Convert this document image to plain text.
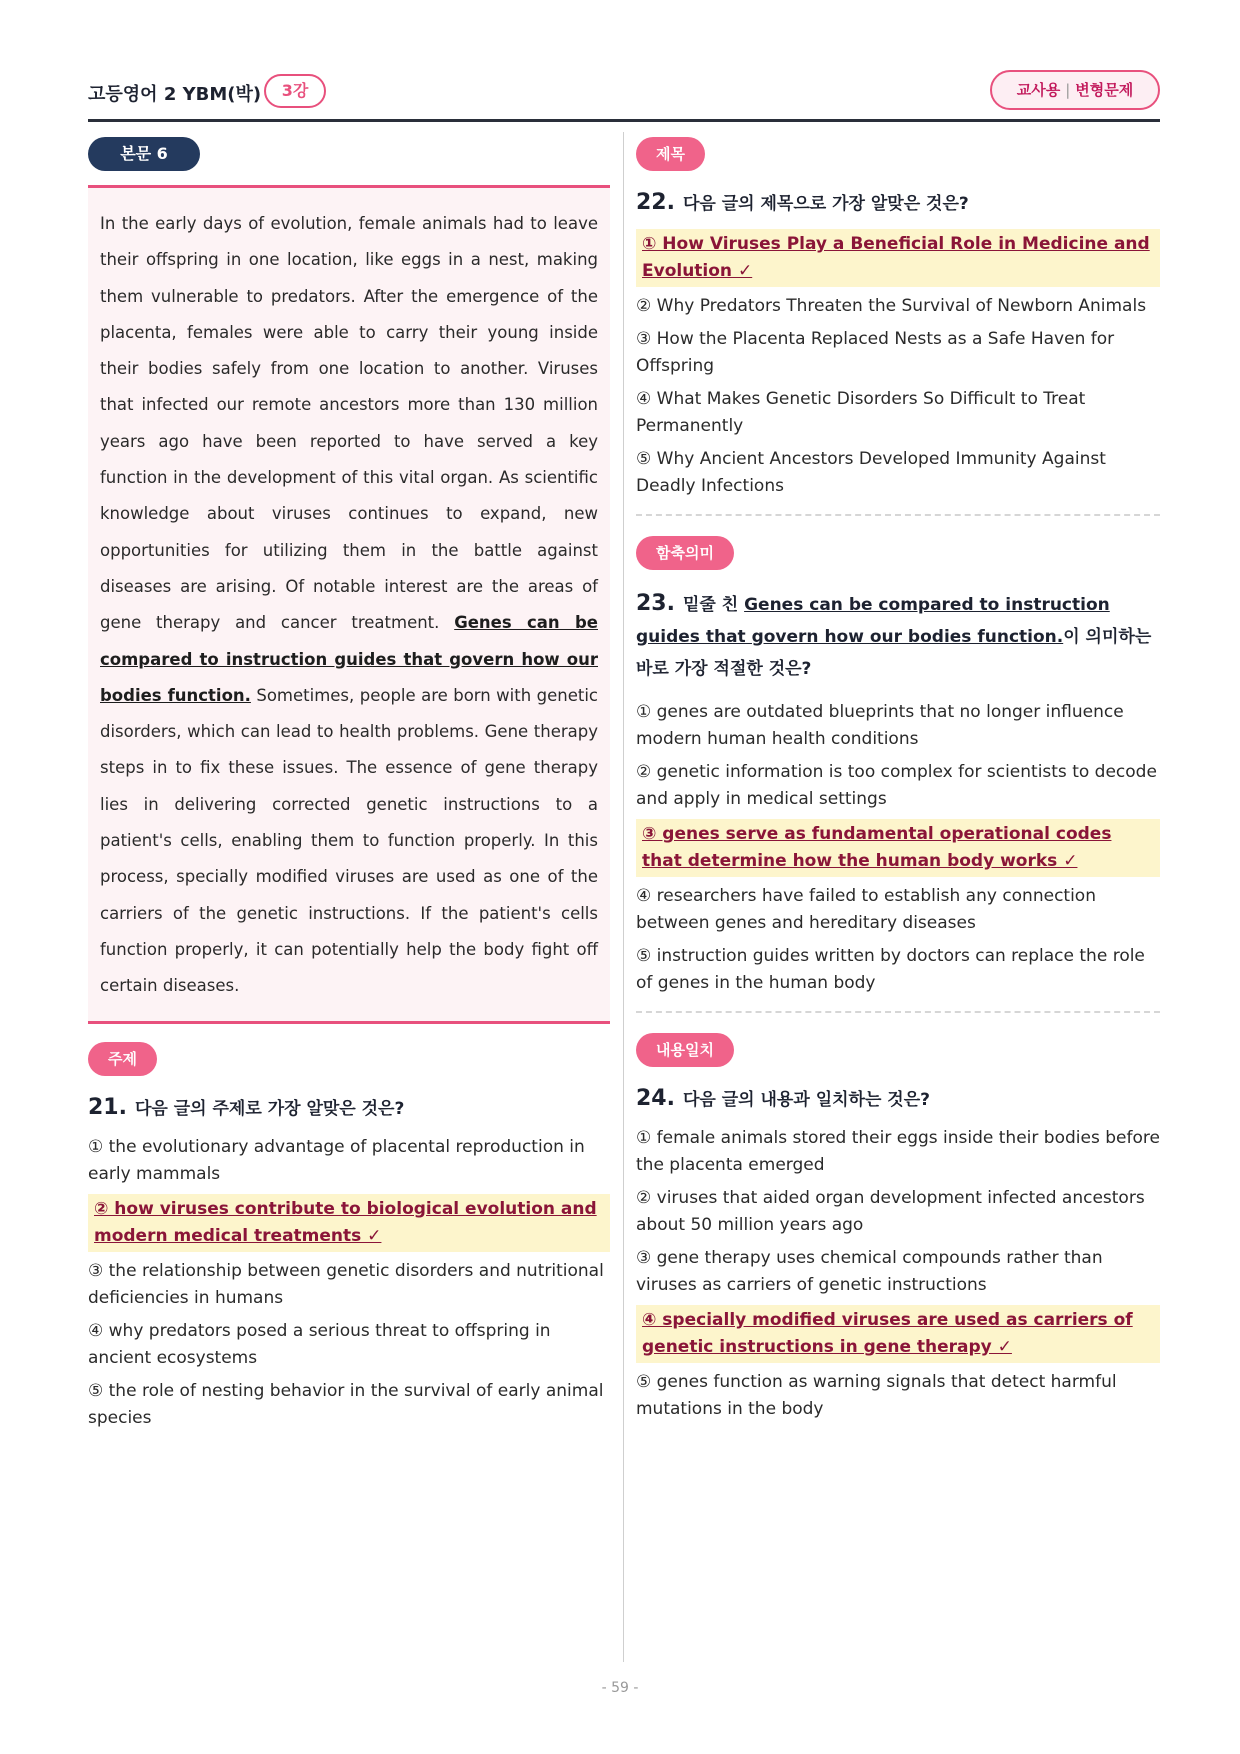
고등영어 2 YBM(박)	3강	교사용 | 변형문제
본문 6
In the early days of evolution, female animals had to leave their offspring in one location, like eggs in a nest, making them vulnerable to predators. After the emergence of the placenta, females were able to carry their young inside their bodies safely from one location to another. Viruses that infected our remote ancestors more than 130 million years ago have been reported to have served a key function in the development of this vital organ. As scientific knowledge about viruses continues to expand, new opportunities for utilizing them in the battle against diseases are arising. Of notable interest are the areas of gene therapy and cancer treatment. Genes can be compared to instruction guides that govern how our bodies function. Sometimes, people are born with genetic disorders, which can lead to health problems. Gene therapy steps in to fix these issues. The essence of gene therapy lies in delivering corrected genetic instructions to a patient's cells, enabling them to function properly. In this process, specially modified viruses are used as one of the carriers of the genetic instructions. If the patient's cells function properly, it can potentially help the body fight off certain diseases.
주제
21. 다음 글의 주제로 가장 알맞은 것은?
① the evolutionary advantage of placental reproduction in early mammals
② how viruses contribute to biological evolution and modern medical treatments ✓
③ the relationship between genetic disorders and nutritional deficiencies in humans
④ why predators posed a serious threat to offspring in ancient ecosystems
⑤ the role of nesting behavior in the survival of early animal species
제목
22. 다음 글의 제목으로 가장 알맞은 것은?
① How Viruses Play a Beneficial Role in Medicine and Evolution ✓
② Why Predators Threaten the Survival of Newborn Animals
③ How the Placenta Replaced Nests as a Safe Haven for Offspring
④ What Makes Genetic Disorders So Difficult to Treat Permanently
⑤ Why Ancient Ancestors Developed Immunity Against Deadly Infections
함축의미
23. 밑줄 친 Genes can be compared to instruction guides that govern how our bodies function.이 의미하는 바로 가장 적절한 것은?
① genes are outdated blueprints that no longer influence modern human health conditions
② genetic information is too complex for scientists to decode and apply in medical settings
③ genes serve as fundamental operational codes that determine how the human body works ✓
④ researchers have failed to establish any connection between genes and hereditary diseases
⑤ instruction guides written by doctors can replace the role of genes in the human body
내용일치
24. 다음 글의 내용과 일치하는 것은?
① female animals stored their eggs inside their bodies before the placenta emerged
② viruses that aided organ development infected ancestors about 50 million years ago
③ gene therapy uses chemical compounds rather than viruses as carriers of genetic instructions
④ specially modified viruses are used as carriers of genetic instructions in gene therapy ✓
⑤ genes function as warning signals that detect harmful mutations in the body
- 59 -
